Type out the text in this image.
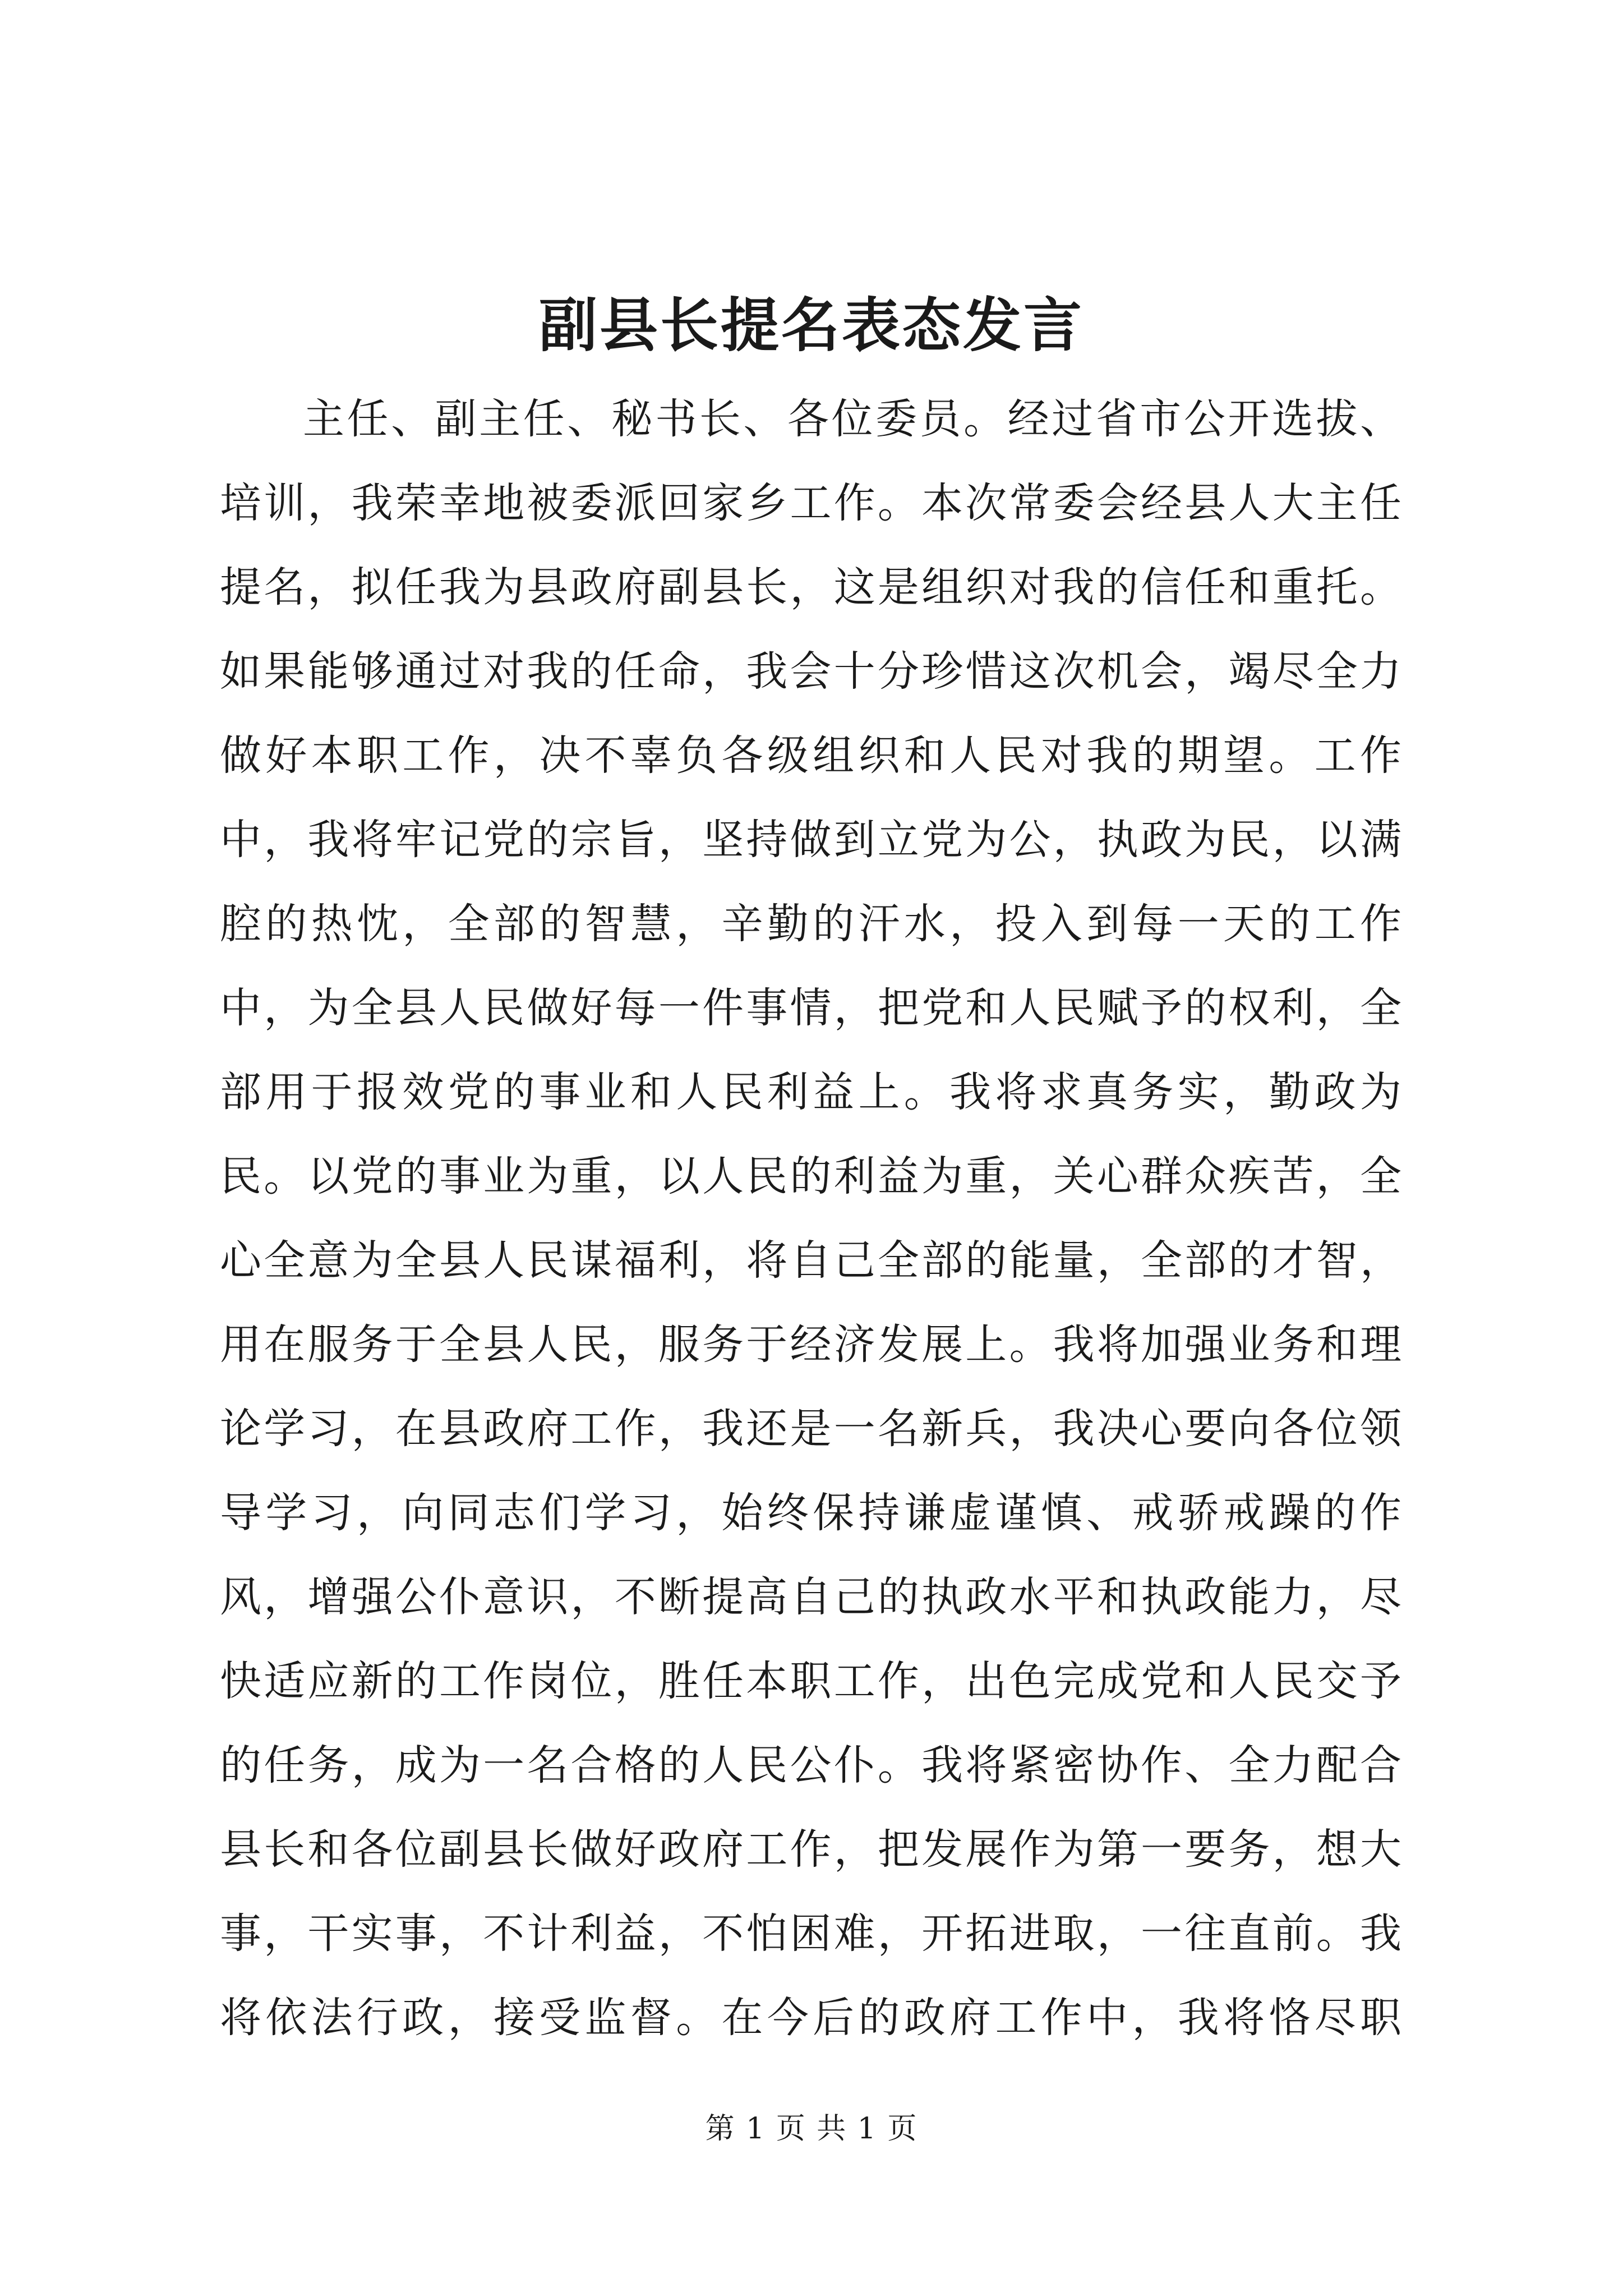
副县长提名表态发言

主任、副主任、秘书长、各位委员。经过省市公开选拔、培训，我荣幸地被委派回家乡工作。本次常委会经县人大主任提名，拟任我为县政府副县长，这是组织对我的信任和重托。如果能够通过对我的任命，我会十分珍惜这次机会，竭尽全力做好本职工作，决不辜负各级组织和人民对我的期望。工作中，我将牢记党的宗旨，坚持做到立党为公，执政为民，以满腔的热忱，全部的智慧，辛勤的汗水，投入到每一天的工作中，为全县人民做好每一件事情，把党和人民赋予的权利，全部用于报效党的事业和人民利益上。我将求真务实，勤政为民。以党的事业为重，以人民的利益为重，关心群众疾苦，全心全意为全县人民谋福利，将自己全部的能量，全部的才智，用在服务于全县人民，服务于经济发展上。我将加强业务和理论学习，在县政府工作，我还是一名新兵，我决心要向各位领导学习，向同志们学习，始终保持谦虚谨慎、戒骄戒躁的作风，增强公仆意识，不断提高自己的执政水平和执政能力，尽快适应新的工作岗位，胜任本职工作，出色完成党和人民交予的任务，成为一名合格的人民公仆。我将紧密协作、全力配合县长和各位副县长做好政府工作，把发展作为第一要务，想大事，干实事，不计利益，不怕困难，开拓进取，一往直前。我将依法行政，接受监督。在今后的政府工作中，我将恪尽职

第 1 页 共 1 页
